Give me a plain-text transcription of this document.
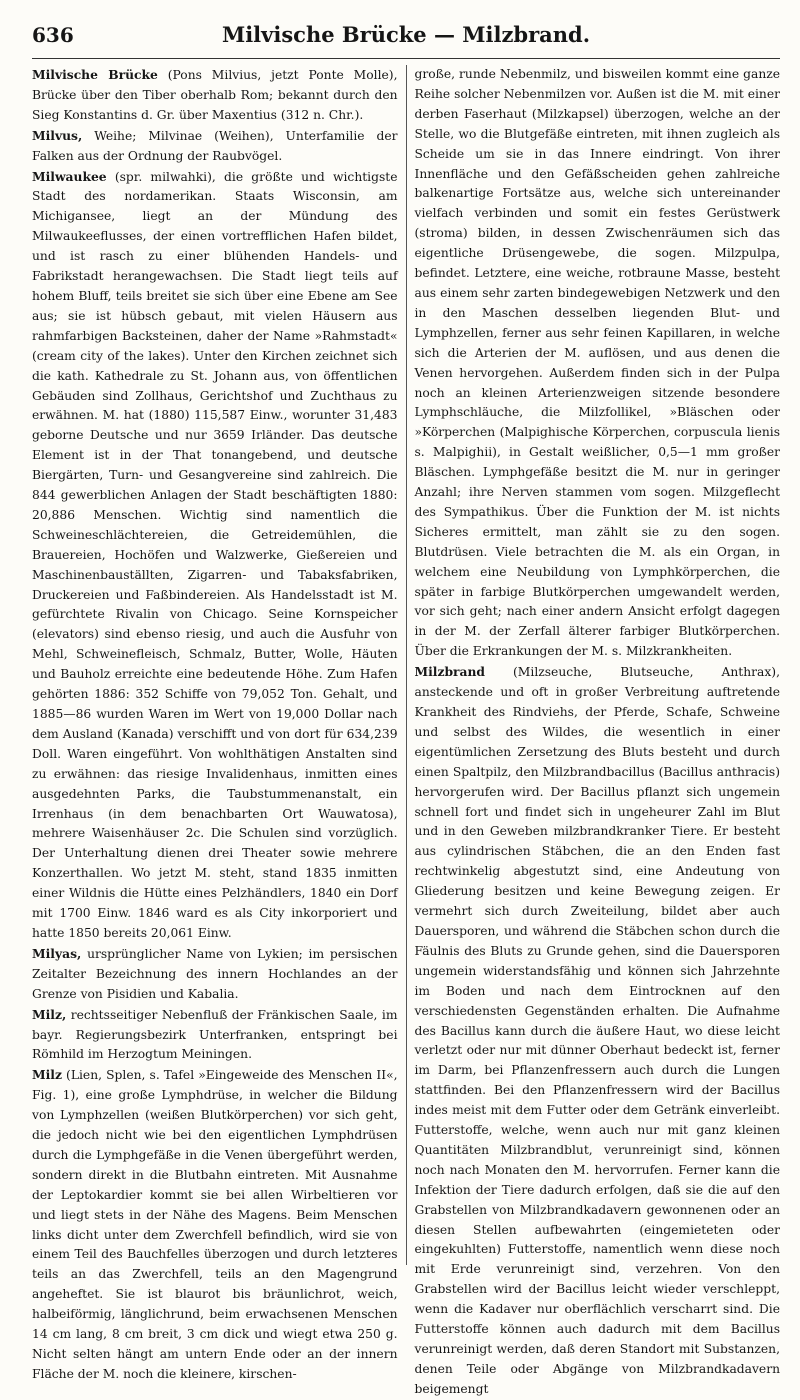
636	Milvische Brücke — Milzbrand.

Milvische Brücke (Pons Milvius, jetzt Ponte Molle), Brücke über den Tiber oberhalb Rom; bekannt durch den Sieg Konstantins d. Gr. über Maxentius (312 n. Chr.).

Milvus, Weihe; Milvinae (Weihen), Unterfamilie der Falken aus der Ordnung der Raubvögel.

Milwaukee (spr. milwahki), die größte und wichtigste Stadt des nordamerikan. Staats Wisconsin, am Michigansee, liegt an der Mündung des Milwaukeeflusses, der einen vortrefflichen Hafen bildet, und ist rasch zu einer blühenden Handels- und Fabrikstadt herangewachsen. Die Stadt liegt teils auf hohem Bluff, teils breitet sie sich über eine Ebene am See aus; sie ist hübsch gebaut, mit vielen Häusern aus rahmfarbigen Backsteinen, daher der Name »Rahmstadt« (cream city of the lakes). Unter den Kirchen zeichnet sich die kath. Kathedrale zu St. Johann aus, von öffentlichen Gebäuden sind Zollhaus, Gerichtshof und Zuchthaus zu erwähnen. M. hat (1880) 115,587 Einw., worunter 31,483 geborne Deutsche und nur 3659 Irländer. Das deutsche Element ist in der That tonangebend, und deutsche Biergärten, Turn- und Gesangvereine sind zahlreich. Die 844 gewerblichen Anlagen der Stadt beschäftigten 1880: 20,886 Menschen. Wichtig sind namentlich die Schweineschlächtereien, die Getreidemühlen, die Brauereien, Hochöfen und Walzwerke, Gießereien und Maschinenbauställten, Zigarren- und Tabaksfabriken, Druckereien und Faßbindereien. Als Handelsstadt ist M. gefürchtete Rivalin von Chicago. Seine Kornspeicher (elevators) sind ebenso riesig, und auch die Ausfuhr von Mehl, Schweinefleisch, Schmalz, Butter, Wolle, Häuten und Bauholz erreichte eine bedeutende Höhe. Zum Hafen gehörten 1886: 352 Schiffe von 79,052 Ton. Gehalt, und 1885—86 wurden Waren im Wert von 19,000 Dollar nach dem Ausland (Kanada) verschifft und von dort für 634,239 Doll. Waren eingeführt. Von wohlthätigen Anstalten sind zu erwähnen: das riesige Invalidenhaus, inmitten eines ausgedehnten Parks, die Taubstummenanstalt, ein Irrenhaus (in dem benachbarten Ort Wauwatosa), mehrere Waisenhäuser 2c. Die Schulen sind vorzüglich. Der Unterhaltung dienen drei Theater sowie mehrere Konzerthallen. Wo jetzt M. steht, stand 1835 inmitten einer Wildnis die Hütte eines Pelzhändlers, 1840 ein Dorf mit 1700 Einw. 1846 ward es als City inkorporiert und hatte 1850 bereits 20,061 Einw.

Milyas, ursprünglicher Name von Lykien; im persischen Zeitalter Bezeichnung des innern Hochlandes an der Grenze von Pisidien und Kabalia.

Milz, rechtsseitiger Nebenfluß der Fränkischen Saale, im bayr. Regierungsbezirk Unterfranken, entspringt bei Römhild im Herzogtum Meiningen.

Milz (Lien, Splen, s. Tafel »Eingeweide des Menschen II«, Fig. 1), eine große Lymphdrüse, in welcher die Bildung von Lymphzellen (weißen Blutkörperchen) vor sich geht, die jedoch nicht wie bei den eigentlichen Lymphdrüsen durch die Lymphgefäße in die Venen übergeführt werden, sondern direkt in die Blutbahn eintreten. Mit Ausnahme der Leptokardier kommt sie bei allen Wirbeltieren vor und liegt stets in der Nähe des Magens. Beim Menschen links dicht unter dem Zwerchfell befindlich, wird sie von einem Teil des Bauchfelles überzogen und durch letzteres teils an das Zwerchfell, teils an den Magengrund angeheftet. Sie ist blaurot bis bräunlichrot, weich, halbeiförmig, länglichrund, beim erwachsenen Menschen 14 cm lang, 8 cm breit, 3 cm dick und wiegt etwa 250 g. Nicht selten hängt am untern Ende oder an der innern Fläche der M. noch die kleinere, kirschen-

große, runde Nebenmilz, und bisweilen kommt eine ganze Reihe solcher Nebenmilzen vor. Außen ist die M. mit einer derben Faserhaut (Milzkapsel) überzogen, welche an der Stelle, wo die Blutgefäße eintreten, mit ihnen zugleich als Scheide um sie in das Innere eindringt. Von ihrer Innenfläche und den Gefäßscheiden gehen zahlreiche balkenartige Fortsätze aus, welche sich untereinander vielfach verbinden und somit ein festes Gerüstwerk (stroma) bilden, in dessen Zwischenräumen sich das eigentliche Drüsengewebe, die sogen. Milzpulpa, befindet. Letztere, eine weiche, rotbraune Masse, besteht aus einem sehr zarten bindegewebigen Netzwerk und den in den Maschen desselben liegenden Blut- und Lymphzellen, ferner aus sehr feinen Kapillaren, in welche sich die Arterien der M. auflösen, und aus denen die Venen hervorgehen. Außerdem finden sich in der Pulpa noch an kleinen Arterienzweigen sitzende besondere Lymphschläuche, die Milzfollikel, »Bläschen oder »Körperchen (Malpighische Körperchen, corpuscula lienis s. Malpighii), in Gestalt weißlicher, 0,5—1 mm großer Bläschen. Lymphgefäße besitzt die M. nur in geringer Anzahl; ihre Nerven stammen vom sogen. Milzgeflecht des Sympathikus. Über die Funktion der M. ist nichts Sicheres ermittelt, man zählt sie zu den sogen. Blutdrüsen. Viele betrachten die M. als ein Organ, in welchem eine Neubildung von Lymphkörperchen, die später in farbige Blutkörperchen umgewandelt werden, vor sich geht; nach einer andern Ansicht erfolgt dagegen in der M. der Zerfall älterer farbiger Blutkörperchen. Über die Erkrankungen der M. s. Milzkrankheiten.

Milzbrand (Milzseuche, Blutseuche, Anthrax), ansteckende und oft in großer Verbreitung auftretende Krankheit des Rindviehs, der Pferde, Schafe, Schweine und selbst des Wildes, die wesentlich in einer eigentümlichen Zersetzung des Bluts besteht und durch einen Spaltpilz, den Milzbrandbacillus (Bacillus anthracis) hervorgerufen wird. Der Bacillus pflanzt sich ungemein schnell fort und findet sich in ungeheurer Zahl im Blut und in den Geweben milzbrandkranker Tiere. Er besteht aus cylindrischen Stäbchen, die an den Enden fast rechtwinkelig abgestutzt sind, eine Andeutung von Gliederung besitzen und keine Bewegung zeigen. Er vermehrt sich durch Zweiteilung, bildet aber auch Dauersporen, und während die Stäbchen schon durch die Fäulnis des Bluts zu Grunde gehen, sind die Dauersporen ungemein widerstandsfähig und können sich Jahrzehnte im Boden und nach dem Eintrocknen auf den verschiedensten Gegenständen erhalten. Die Aufnahme des Bacillus kann durch die äußere Haut, wo diese leicht verletzt oder nur mit dünner Oberhaut bedeckt ist, ferner im Darm, bei Pflanzenfressern auch durch die Lungen stattfinden. Bei den Pflanzenfressern wird der Bacillus indes meist mit dem Futter oder dem Getränk einverleibt. Futterstoffe, welche, wenn auch nur mit ganz kleinen Quantitäten Milzbrandblut, verunreinigt sind, können noch nach Monaten den M. hervorrufen. Ferner kann die Infektion der Tiere dadurch erfolgen, daß sie die auf den Grabstellen von Milzbrandkadavern gewonnenen oder an diesen Stellen aufbewahrten (eingemieteten oder eingekuhlten) Futterstoffe, namentlich wenn diese noch mit Erde verunreinigt sind, verzehren. Von den Grabstellen wird der Bacillus leicht wieder verschleppt, wenn die Kadaver nur oberflächlich verscharrt sind. Die Futterstoffe können auch dadurch mit dem Bacillus verunreinigt werden, daß deren Standort mit Substanzen, denen Teile oder Abgänge von Milzbrandkadavern beigemengt
